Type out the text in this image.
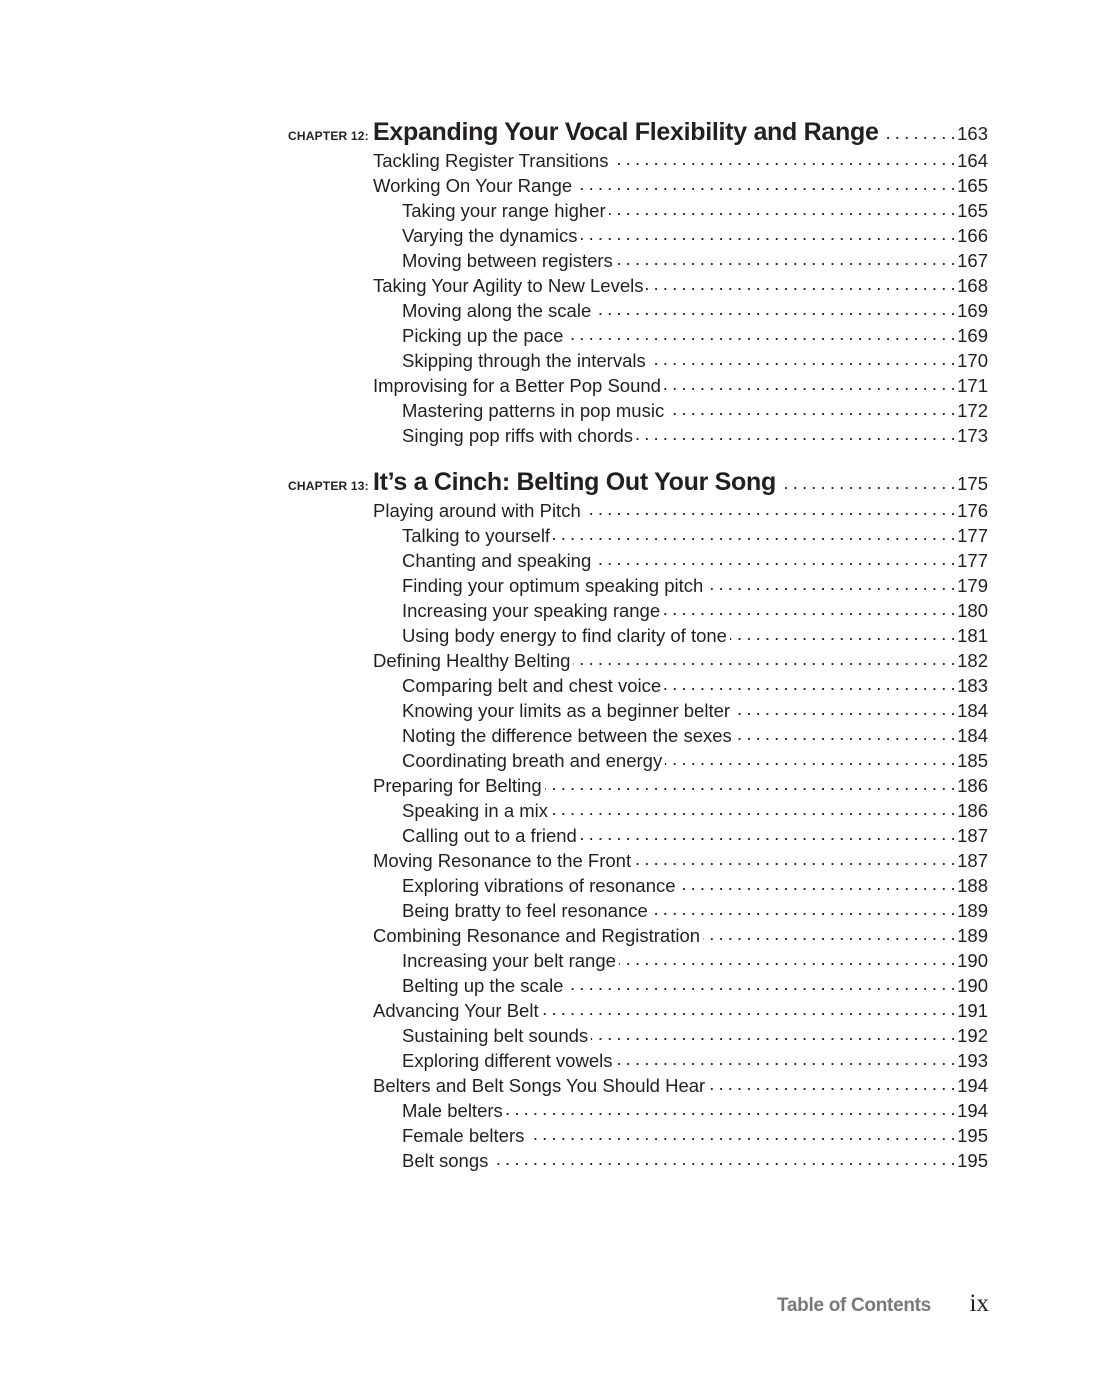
CHAPTER 12: Expanding Your Vocal Flexibility and Range . . .	163
Tackling Register Transitions . . .	164
Working On Your Range . . .	165
Taking your range higher . . .	165
Varying the dynamics . . .	166
Moving between registers . . .	167
Taking Your Agility to New Levels . . .	168
Moving along the scale . . .	169
Picking up the pace . . .	169
Skipping through the intervals . . .	170
Improvising for a Better Pop Sound . . .	171
Mastering patterns in pop music . . .	172
Singing pop riffs with chords . . .	173
CHAPTER 13: It’s a Cinch: Belting Out Your Song . . .	175
Playing around with Pitch . . .	176
Talking to yourself . . .	177
Chanting and speaking . . .	177
Finding your optimum speaking pitch . . .	179
Increasing your speaking range . . .	180
Using body energy to find clarity of tone . . .	181
Defining Healthy Belting . . .	182
Comparing belt and chest voice . . .	183
Knowing your limits as a beginner belter . . .	184
Noting the difference between the sexes . . .	184
Coordinating breath and energy . . .	185
Preparing for Belting . . .	186
Speaking in a mix . . .	186
Calling out to a friend . . .	187
Moving Resonance to the Front . . .	187
Exploring vibrations of resonance . . .	188
Being bratty to feel resonance . . .	189
Combining Resonance and Registration . . .	189
Increasing your belt range . . .	190
Belting up the scale . . .	190
Advancing Your Belt . . .	191
Sustaining belt sounds . . .	192
Exploring different vowels . . .	193
Belters and Belt Songs You Should Hear . . .	194
Male belters . . .	194
Female belters . . .	195
Belt songs . . .	195
Table of Contents ix
